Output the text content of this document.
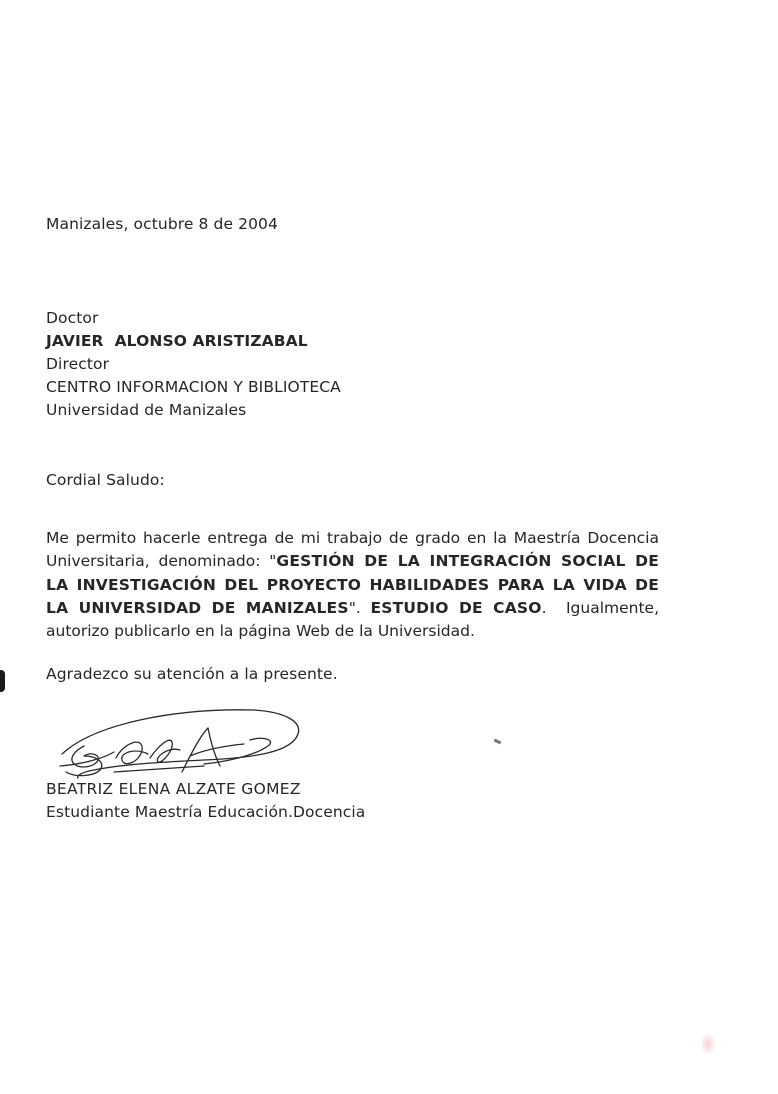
Manizales, octubre 8 de 2004
Doctor
JAVIER  ALONSO ARISTIZABAL
Director
CENTRO INFORMACION Y BIBLIOTECA
Universidad de Manizales
Cordial Saludo:
Me permito hacerle entrega de mi trabajo de grado en la Maestría Docencia
Universitaria, denominado: "GESTIÓN DE LA INTEGRACIÓN SOCIAL DE
LA INVESTIGACIÓN DEL PROYECTO HABILIDADES PARA LA VIDA DE
LA UNIVERSIDAD DE MANIZALES". ESTUDIO DE CASO.  Igualmente,
autorizo publicarlo en la página Web de la Universidad.
Agradezco su atención a la presente.
BEATRIZ ELENA ALZATE GOMEZ
Estudiante Maestría Educación.Docencia
